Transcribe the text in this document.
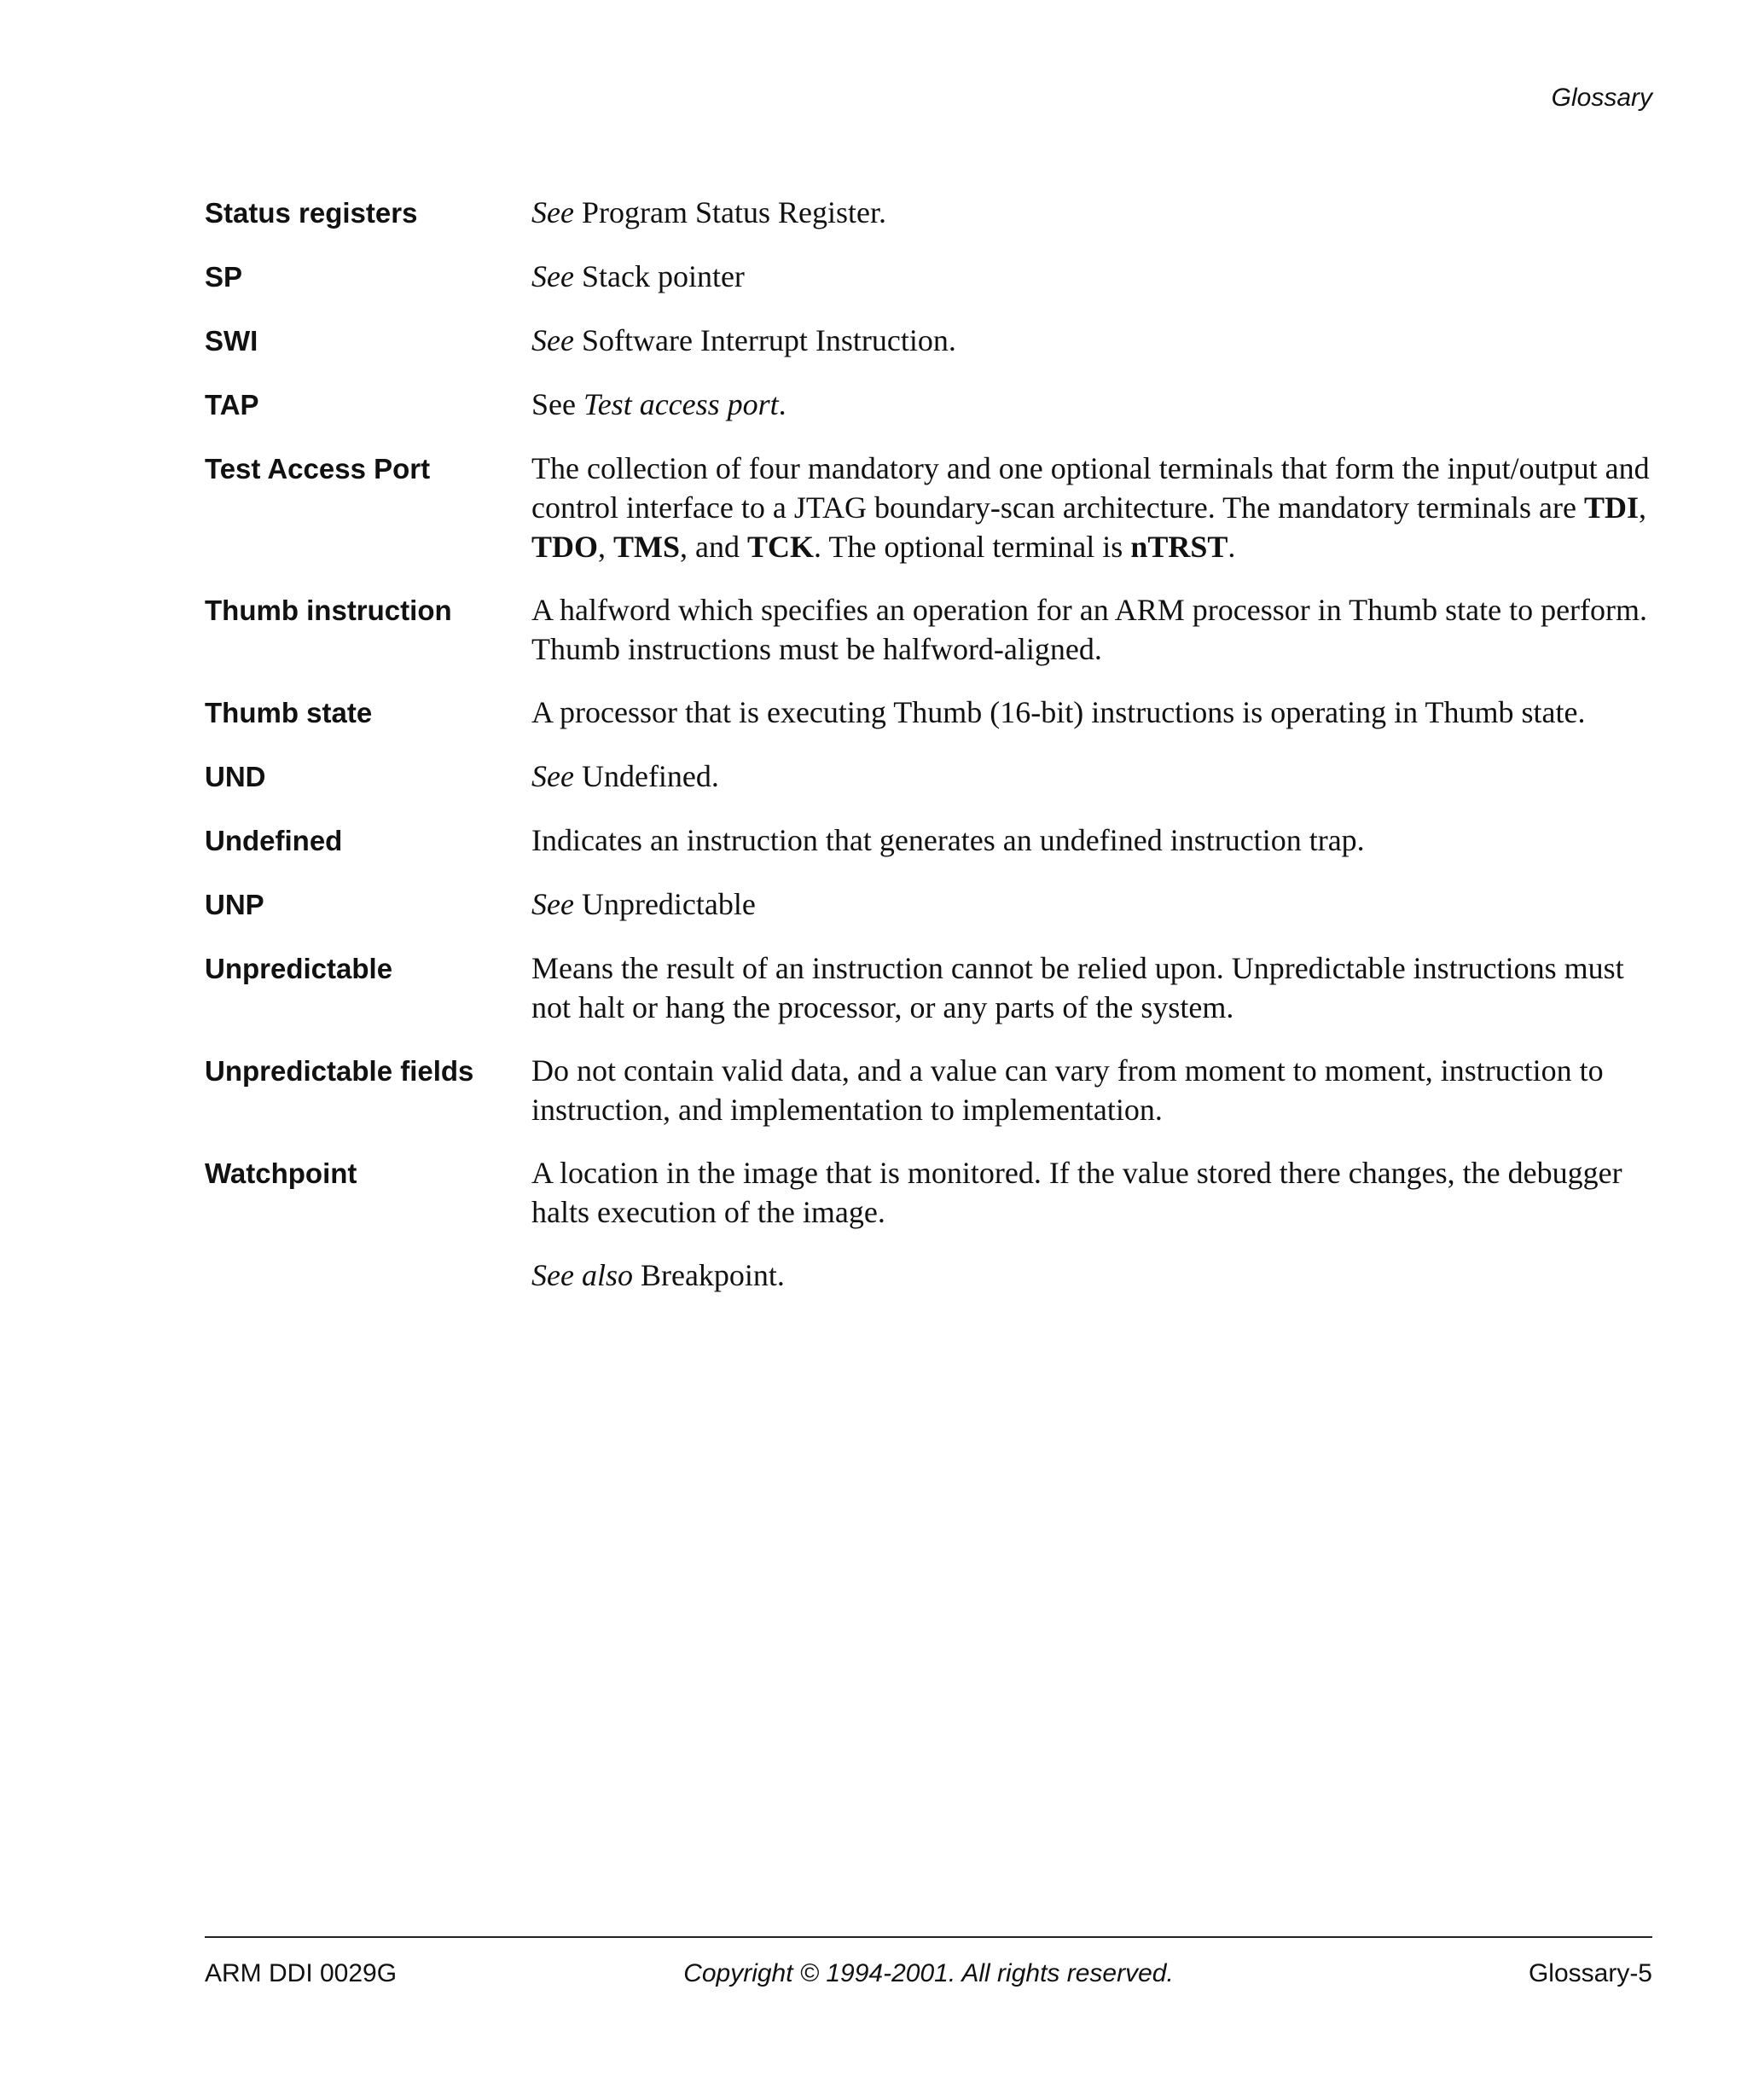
Glossary
Status registers	See Program Status Register.

SP	See Stack pointer

SWI	See Software Interrupt Instruction.

TAP	See Test access port.

Test Access Port	The collection of four mandatory and one optional terminals that form the input/output and control interface to a JTAG boundary-scan architecture. The mandatory terminals are TDI, TDO, TMS, and TCK. The optional terminal is nTRST.

Thumb instruction	A halfword which specifies an operation for an ARM processor in Thumb state to perform. Thumb instructions must be halfword-aligned.

Thumb state	A processor that is executing Thumb (16-bit) instructions is operating in Thumb state.

UND	See Undefined.

Undefined	Indicates an instruction that generates an undefined instruction trap.

UNP	See Unpredictable

Unpredictable	Means the result of an instruction cannot be relied upon. Unpredictable instructions must not halt or hang the processor, or any parts of the system.

Unpredictable fields	Do not contain valid data, and a value can vary from moment to moment, instruction to instruction, and implementation to implementation.

Watchpoint	A location in the image that is monitored. If the value stored there changes, the debugger halts execution of the image.

See also Breakpoint.

ARM DDI 0029G	Copyright © 1994-2001. All rights reserved.	Glossary-5
